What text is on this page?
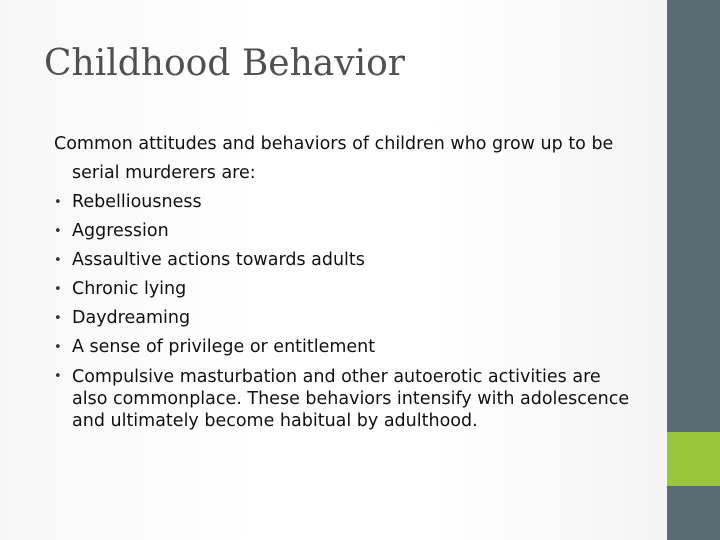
Childhood Behavior

Common attitudes and behaviors of children who grow up to be serial murderers are:

• Rebelliousness
• Aggression
• Assaultive actions towards adults
• Chronic lying
• Daydreaming
• A sense of privilege or entitlement
• Compulsive masturbation and other autoerotic activities are also commonplace. These behaviors intensify with adolescence and ultimately become habitual by adulthood.
